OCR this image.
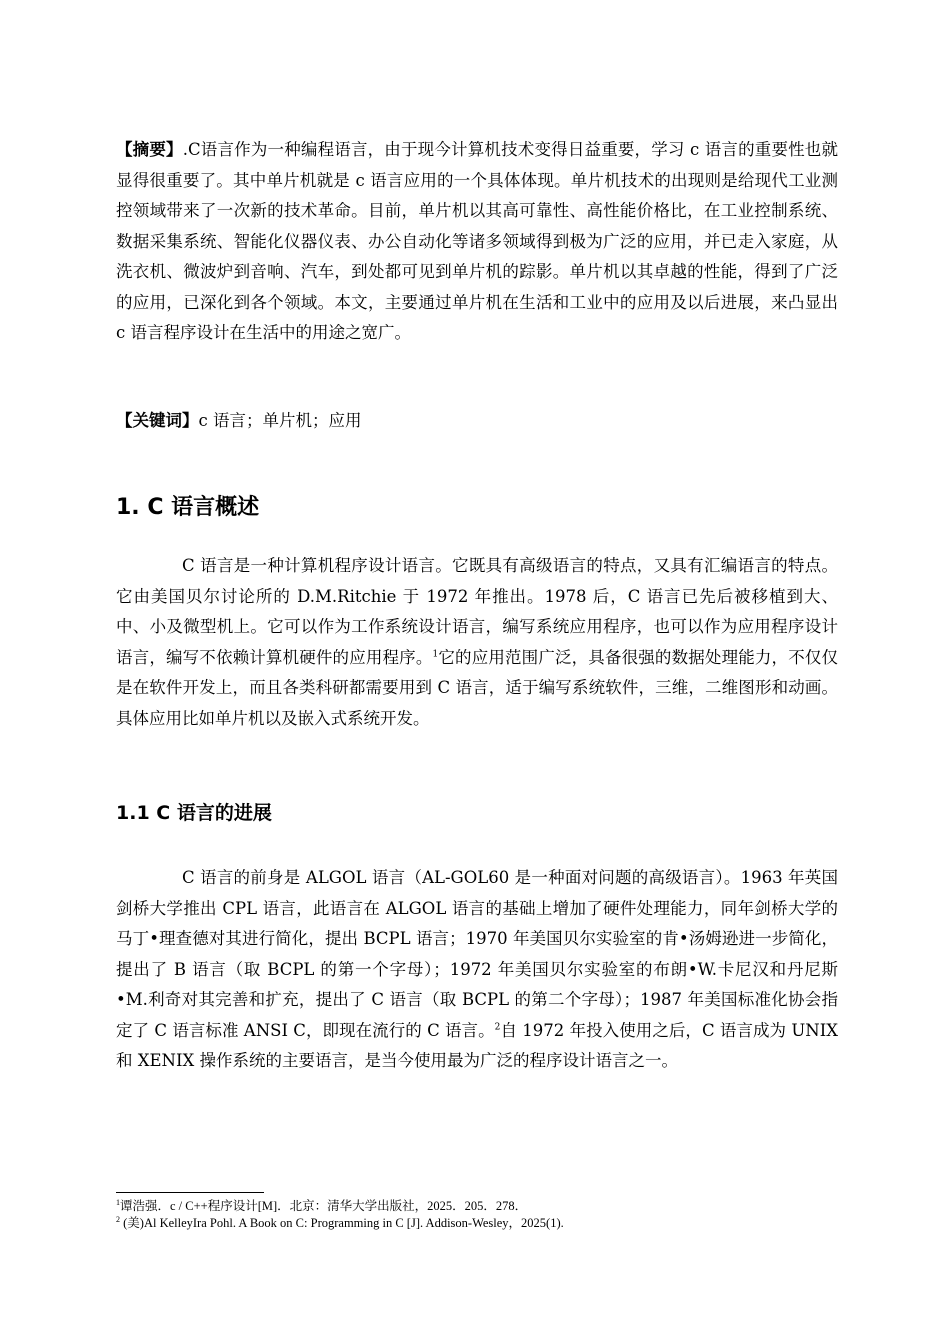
【摘要】.C语言作为一种编程语言，由于现今计算机技术变得日益重要，学习 c 语言的重要性也就显得很重要了。其中单片机就是 c 语言应用的一个具体体现。单片机技术的出现则是给现代工业测控领域带来了一次新的技术革命。目前，单片机以其高可靠性、高性能价格比，在工业控制系统、数据采集系统、智能化仪器仪表、办公自动化等诸多领域得到极为广泛的应用，并已走入家庭，从洗衣机、微波炉到音响、汽车，到处都可见到单片机的踪影。单片机以其卓越的性能，得到了广泛的应用，已深化到各个领域。本文，主要通过单片机在生活和工业中的应用及以后进展，来凸显出 c 语言程序设计在生活中的用途之宽广。

【关键词】c 语言；单片机；应用

1. C 语言概述

C 语言是一种计算机程序设计语言。它既具有高级语言的特点，又具有汇编语言的特点。它由美国贝尔讨论所的 D.M.Ritchie 于 1972 年推出。1978 后，C 语言已先后被移植到大、中、小及微型机上。它可以作为工作系统设计语言，编写系统应用程序，也可以作为应用程序设计语言，编写不依赖计算机硬件的应用程序。$^1$它的应用范围广泛，具备很强的数据处理能力，不仅仅是在软件开发上，而且各类科研都需要用到 C 语言，适于编写系统软件，三维，二维图形和动画。具体应用比如单片机以及嵌入式系统开发。

1.1 C 语言的进展

C 语言的前身是 ALGOL 语言（AL-GOL60 是一种面对问题的高级语言）。1963 年英国剑桥大学推出 CPL 语言，此语言在 ALGOL 语言的基础上增加了硬件处理能力，同年剑桥大学的马丁•理查德对其进行简化，提出 BCPL 语言；1970 年美国贝尔实验室的肯•汤姆逊进一步简化，提出了 B 语言（取 BCPL 的第一个字母）；1972 年美国贝尔实验室的布朗•W.卡尼汉和丹尼斯•M.利奇对其完善和扩充，提出了 C 语言（取 BCPL 的第二个字母）；1987 年美国标准化协会指定了 C 语言标准 ANSI C，即现在流行的 C 语言。$^2$自 1972 年投入使用之后，C 语言成为 UNIX 和 XENIX 操作系统的主要语言，是当今使用最为广泛的程序设计语言之一。

$^1$谭浩强．c / C++程序设计[M]．北京：清华大学出版社，2025．205．278．

$^2$ (美)Al KelleyIra Pohl. A Book on C: Programming in C [J]. Addison-Wesley，2025(1).
